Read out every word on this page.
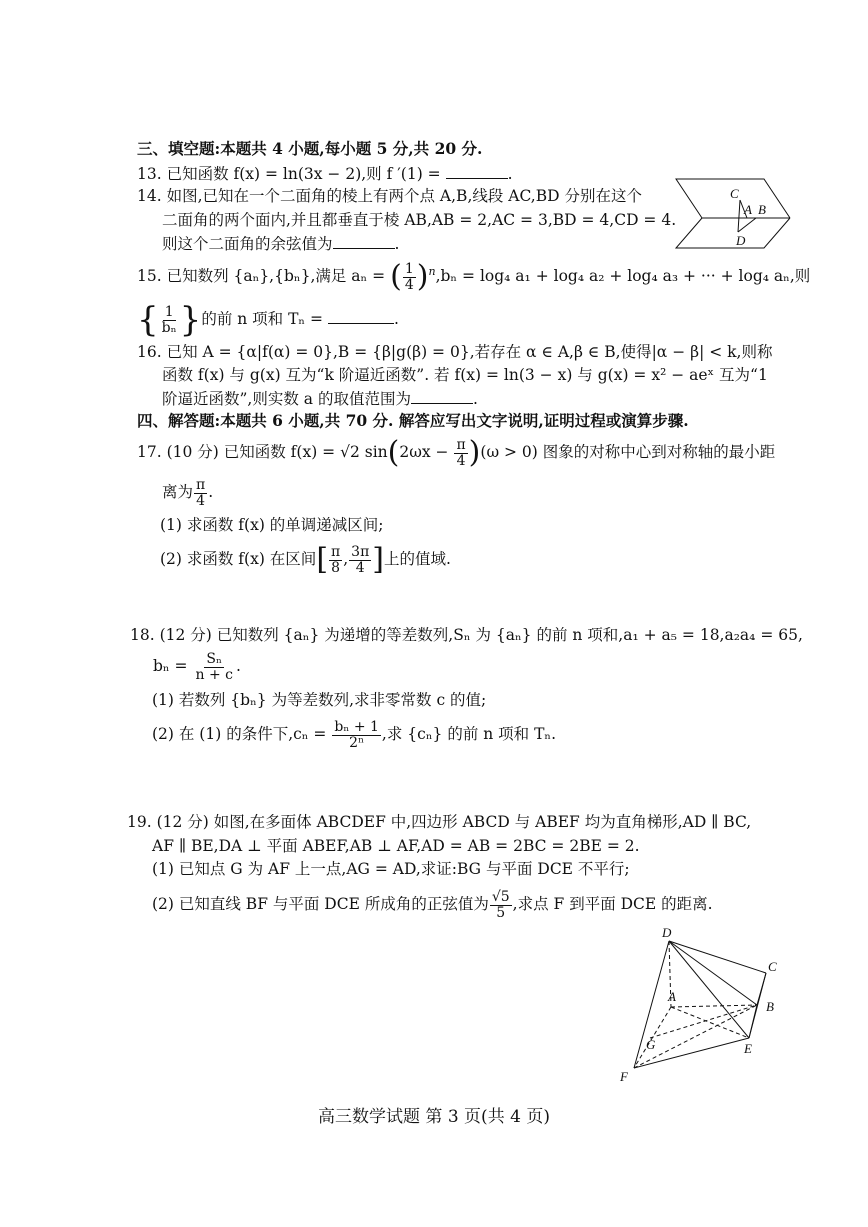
三、填空题:本题共 4 小题,每小题 5 分,共 20 分.
13. 已知函数 f(x) = ln(3x − 2),则 f ′(1) =	.
14. 如图,已知在一个二面角的棱上有两个点 A,B,线段 AC,BD 分别在这个
二面角的两个面内,并且都垂直于棱 AB,AB = 2,AC = 3,BD = 4,CD = 4.
则这个二面角的余弦值为	.
C
A B
D
15. 已知数列 {aₙ},{bₙ},满足 aₙ = ( $\frac{1}{4} )^n,b_n = \log_4$ a₁ + log₄ a₂ + log₄ a₃ + ··· + log₄ aₙ,则
{ $\frac{1}{\text{bₙ}}$ }的前 n 项和 Tₙ =	.
16. 已知 A = {α|f(α) = 0},B = {β|g(β) = 0},若存在 α ∈ A,β ∈ B,使得|α − β| < k,则称
函数 f(x) 与 g(x) 互为“k 阶逼近函数”. 若 f(x) = ln(3 − x) 与 g(x) = x² − aeˣ 互为“1
阶逼近函数”,则实数 a 的取值范围为	.
四、解答题:本题共 6 小题,共 70 分. 解答应写出文字说明,证明过程或演算步骤.
17. (10 分) 已知函数 f(x) = √2 $\sin(2\omega x - \frac{\pi}{4} )(\omega > 0)$ 图象的对称中心到对称轴的最小距
离为 $\frac{\pi}{4}$ .
(1) 求函数 f(x) 的单调递减区间;
(2) 求函数 f(x) 在区间[ $\frac{\pi}{8}$ , $\frac{3\pi}{4}$ ]上的值域.
18. (12 分) 已知数列 {aₙ} 为递增的等差数列,Sₙ 为 {aₙ} 的前 n 项和,a₁ + a₅ = 18,a₂a₄ = 65,
$b_n = \frac{\text{Sₙ}}{n + c}$ .
(1) 若数列 {bₙ} 为等差数列,求非零常数 c 的值;
(2) 在 (1) 的条件下$,c_n = \frac{\text{bₙ + 1}}{\text{2ⁿ}}$ ,求 {cₙ} 的前 n 项和 Tₙ.
19. (12 分) 如图,在多面体 ABCDEF 中,四边形 ABCD 与 ABEF 均为直角梯形,AD ∥ BC,
AF ∥ BE,DA ⊥ 平面 ABEF,AB ⊥ AF,AD = AB = 2BC = 2BE = 2.
(1) 已知点 G 为 AF 上一点,AG = AD,求证:BG 与平面 DCE 不平行;
(2) 已知直线 BF 与平面 DCE 所成角的正弦值为 $\frac{√5}{5}$ ,求点 F 到平面 DCE 的距离.
D
C
A
B
G	E
F
高三数学试题 第 3 页(共 4 页)
